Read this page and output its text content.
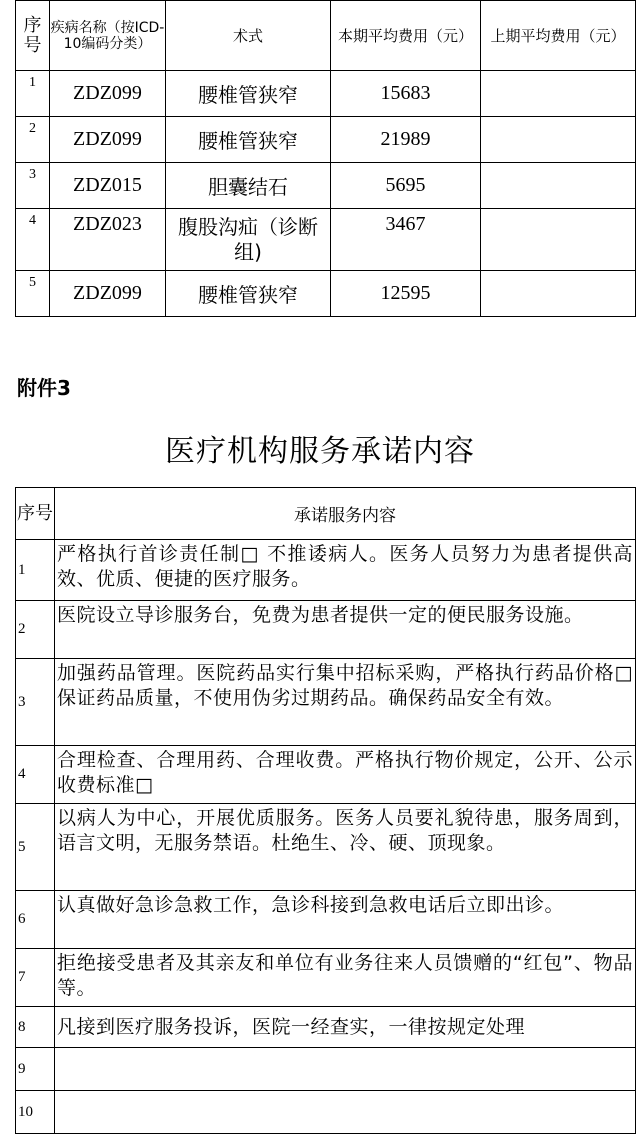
序号	疾病名称（按ICD-10编码分类）	术式	本期平均费用（元）	上期平均费用（元）
1	ZDZ099	腰椎管狭窄	15683	
2	ZDZ099	腰椎管狭窄	21989	
3	ZDZ015	胆囊结石	5695	
4	ZDZ023	腹股沟疝（诊断组)	3467	
5	ZDZ099	腰椎管狭窄	12595	
附件3
医疗机构服务承诺内容
序号	承诺服务内容
1	严格执行首诊责任制□ 不推诿病人。医务人员努力为患者提供高效、优质、便捷的医疗服务。
2	医院设立导诊服务台，免费为患者提供一定的便民服务设施。
3	加强药品管理。医院药品实行集中招标采购，严格执行药品价格□ 保证药品质量，不使用伪劣过期药品。确保药品安全有效。
4	合理检查、合理用药、合理收费。严格执行物价规定，公开、公示收费标准□
5	以病人为中心，开展优质服务。医务人员要礼貌待患，服务周到，语言文明，无服务禁语。杜绝生、冷、硬、顶现象。
6	认真做好急诊急救工作，急诊科接到急救电话后立即出诊。
7	拒绝接受患者及其亲友和单位有业务往来人员馈赠的“红包”、物品等。
8	凡接到医疗服务投诉，医院一经查实，一律按规定处理
9	
10	
